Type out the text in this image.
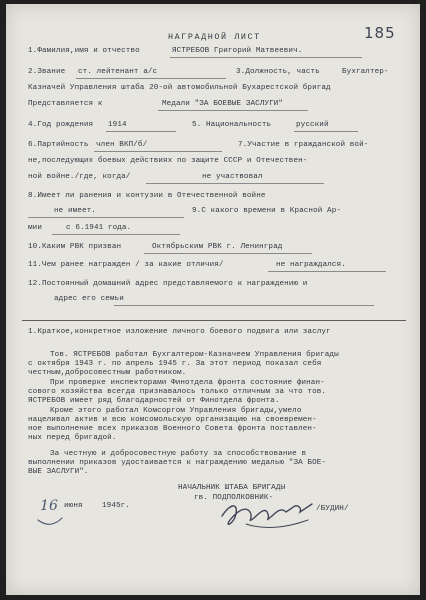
185
НАГРАДНОЙ ЛИСТ
1.Фамилия,имя и отчество	ЯСТРЕБОВ Григорий Матвеевич.
2.Звание ст. лейтенант а/с	3.Должность, часть	Бухгалтер-
Казначей Управления штаба 20-ой автомобильной Бухарестской бригад
Представляется к	Медали "ЗА БОЕВЫЕ ЗАСЛУГИ"
4.Год рождения 1914	5. Национальность	русский
6.Партийность член ВКП/б/	7.Участие в гражданской вой-
не,последующих боевых действиях по защите СССР и Отечествен-
ной войне./где, когда/	не участвовал
8.Имеет ли ранения и контузии в Отечественной войне
не имеет.	9.С какого времени в Красной Ар-
мии	с 6.1941 года.
10.Каким РВК призван	Октябрьским РВК г. Ленинград
11.Чем ранее награжден / за какие отличия/	не награждался.
12.Постоянный домашний адрес представляемого к награждению и
адрес его семьи
1.Краткое,конкретное изложение личного боевого подвига или заслуг
Тов. ЯСТРЕБОВ работал Бухгалтером-Казначеем Управления бригады
с октября 1943 г. по апрель 1945 г. За этот период показал себя
честным,добросовестным работником.
При проверке инспекторами Финотдела фронта состояние финан-
сового хозяйства всегда признавалось только отличным за что тов.
ЯСТРЕБОВ имеет ряд благодарностей от Финотдела фронта.
Кроме этого работал Комсоргом Управления бригады,умело
нацеливал актив и всю комсомольскую организацию на своевремен-
ное выполнение всех приказов Военного Совета фронта поставлен-
ных перед бригадой.
За честную и добросовестную работу за способствование в
выполнении приказов удостаивается к награждению медалью "ЗА БОЕ-
ВЫЕ ЗАСЛУГИ".
НАЧАЛЬНИК ШТАБА БРИГАДЫ
гв. ПОДПОЛКОВНИК-
/БУДИН/
16 июня	1945г.
